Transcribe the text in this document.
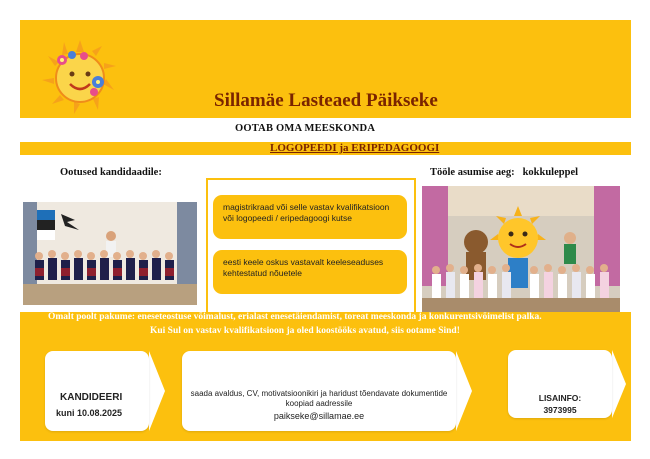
Sillamäe Lasteaed Päikseke
OOTAB OMA MEESKONDA
LOGOPEEDI ja ERIPEDAGOOGI
Ootused kandidaadile:	Tööle asumise aeg: kokkuleppel
magistrikraad või selle vastav kvalifikatsioon või logopeedi / eripedagoogi kutse
eesti keele oskus vastavalt keeleseaduses kehtestatud nõuetele
Omalt poolt pakume: eneseteostuse võimalust, erialast enesetäiendamist, toreat meeskonda ja konkurentsivõimelist palka.
Kui Sul on vastav kvalifikatsioon ja oled koostööks avatud, siis ootame Sind!
KANDIDEERI
kuni 10.08.2025
saada avaldus, CV, motivatsioonikiri ja haridust tõendavate dokumentide koopiad aadressile
paikseke@sillamae.ee
LISAINFO:
3973995
